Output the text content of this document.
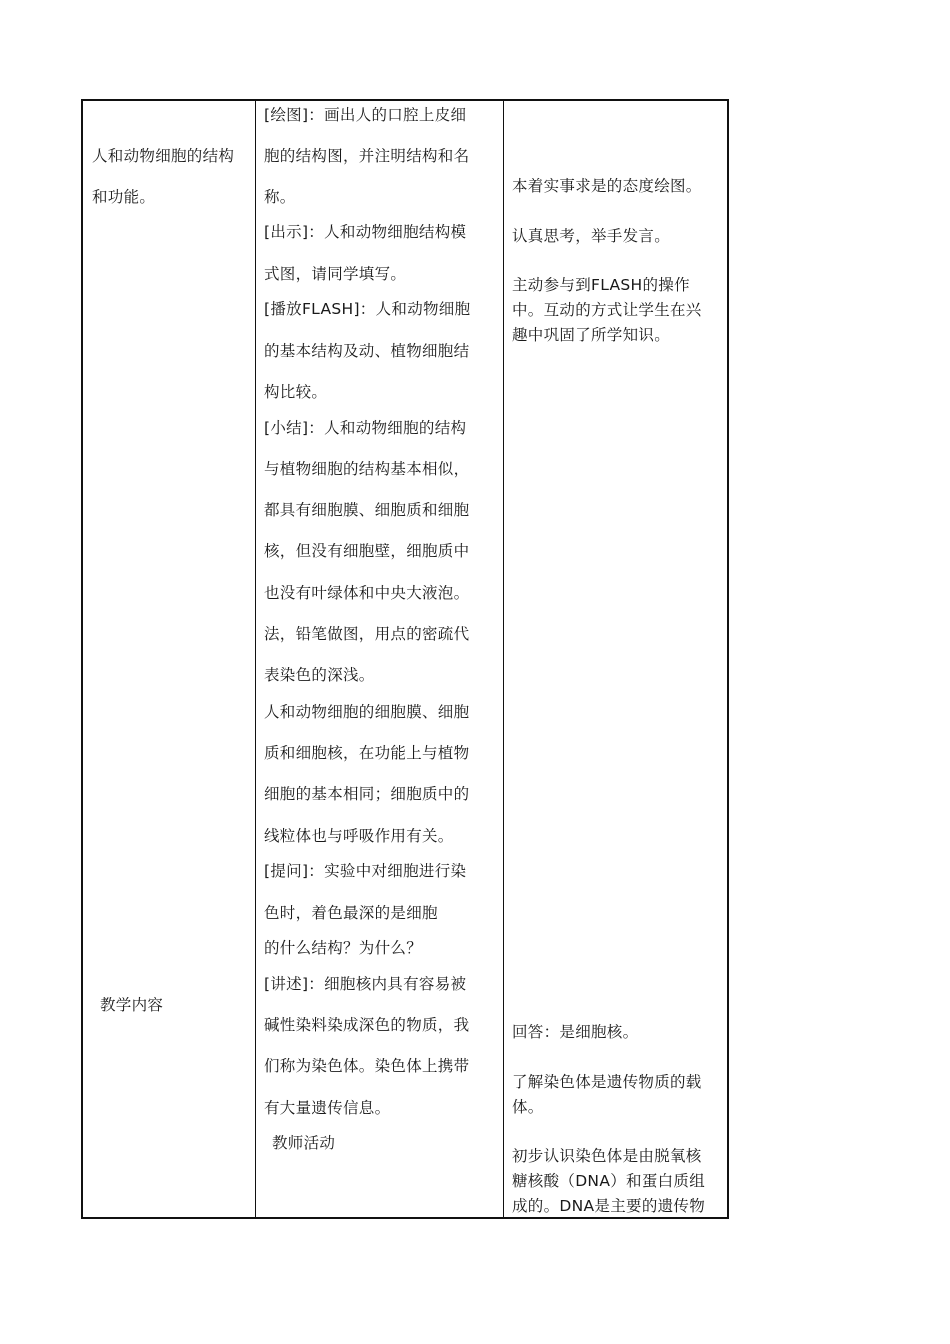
人和动物细胞的结构
和功能。
教学内容
[绘图]：画出人的口腔上皮细
胞的结构图，并注明结构和名
称。
[出示]：人和动物细胞结构模
式图，请同学填写。
[播放FLASH]：人和动物细胞
的基本结构及动、植物细胞结
构比较。
[小结]：人和动物细胞的结构
与植物细胞的结构基本相似，
都具有细胞膜、细胞质和细胞
核，但没有细胞壁，细胞质中
也没有叶绿体和中央大液泡。
法，铅笔做图，用点的密疏代
表染色的深浅。
人和动物细胞的细胞膜、细胞
质和细胞核，在功能上与植物
细胞的基本相同；细胞质中的
线粒体也与呼吸作用有关。
[提问]：实验中对细胞进行染
色时，着色最深的是细胞
的什么结构？为什么？
[讲述]：细胞核内具有容易被
碱性染料染成深色的物质，我
们称为染色体。染色体上携带
有大量遗传信息。
教师活动
本着实事求是的态度绘图。
认真思考，举手发言。
主动参与到FLASH的操作
中。互动的方式让学生在兴
趣中巩固了所学知识。
回答：是细胞核。
了解染色体是遗传物质的载
体。
初步认识染色体是由脱氧核
糖核酸（DNA）和蛋白质组
成的。DNA是主要的遗传物
